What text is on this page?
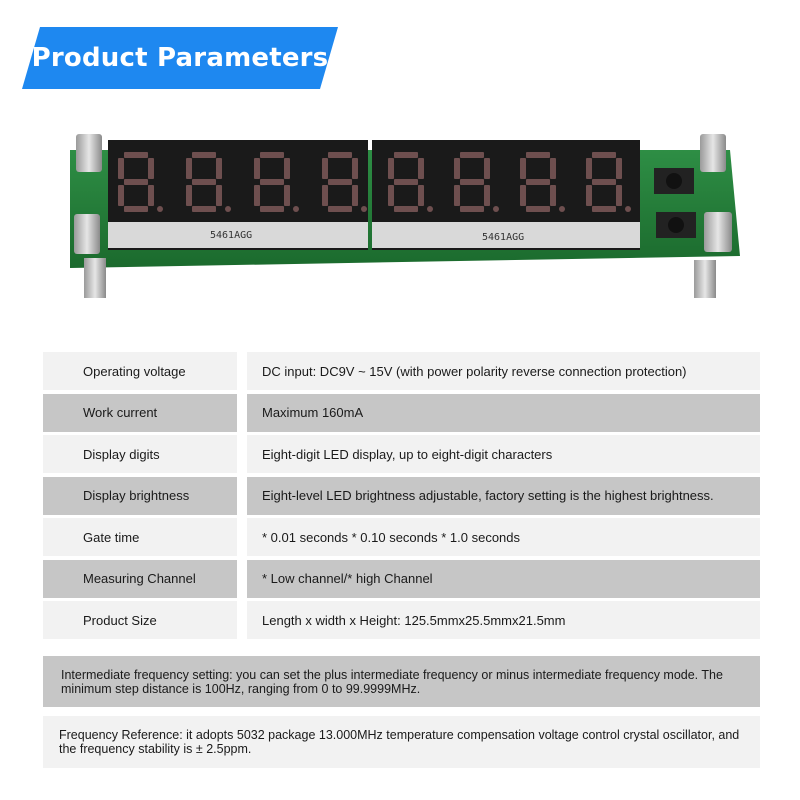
Product Parameters
5461AGG	5461AGG
Operating voltage	DC input: DC9V ~ 15V (with power polarity reverse connection protection)
Work current	Maximum 160mA
Display digits	Eight-digit LED display, up to eight-digit characters
Display brightness	Eight-level LED brightness adjustable, factory setting is the highest brightness.
Gate time	* 0.01 seconds * 0.10 seconds * 1.0 seconds
Measuring Channel	* Low channel/* high Channel
Product Size	Length x width x Height: 125.5mmx25.5mmx21.5mm
Intermediate frequency setting: you can set the plus intermediate frequency or minus intermediate frequency mode. The minimum step distance is 100Hz, ranging from 0 to 99.9999MHz.
Frequency Reference: it adopts 5032 package 13.000MHz temperature compensation voltage control crystal oscillator, and the frequency stability is ± 2.5ppm.
